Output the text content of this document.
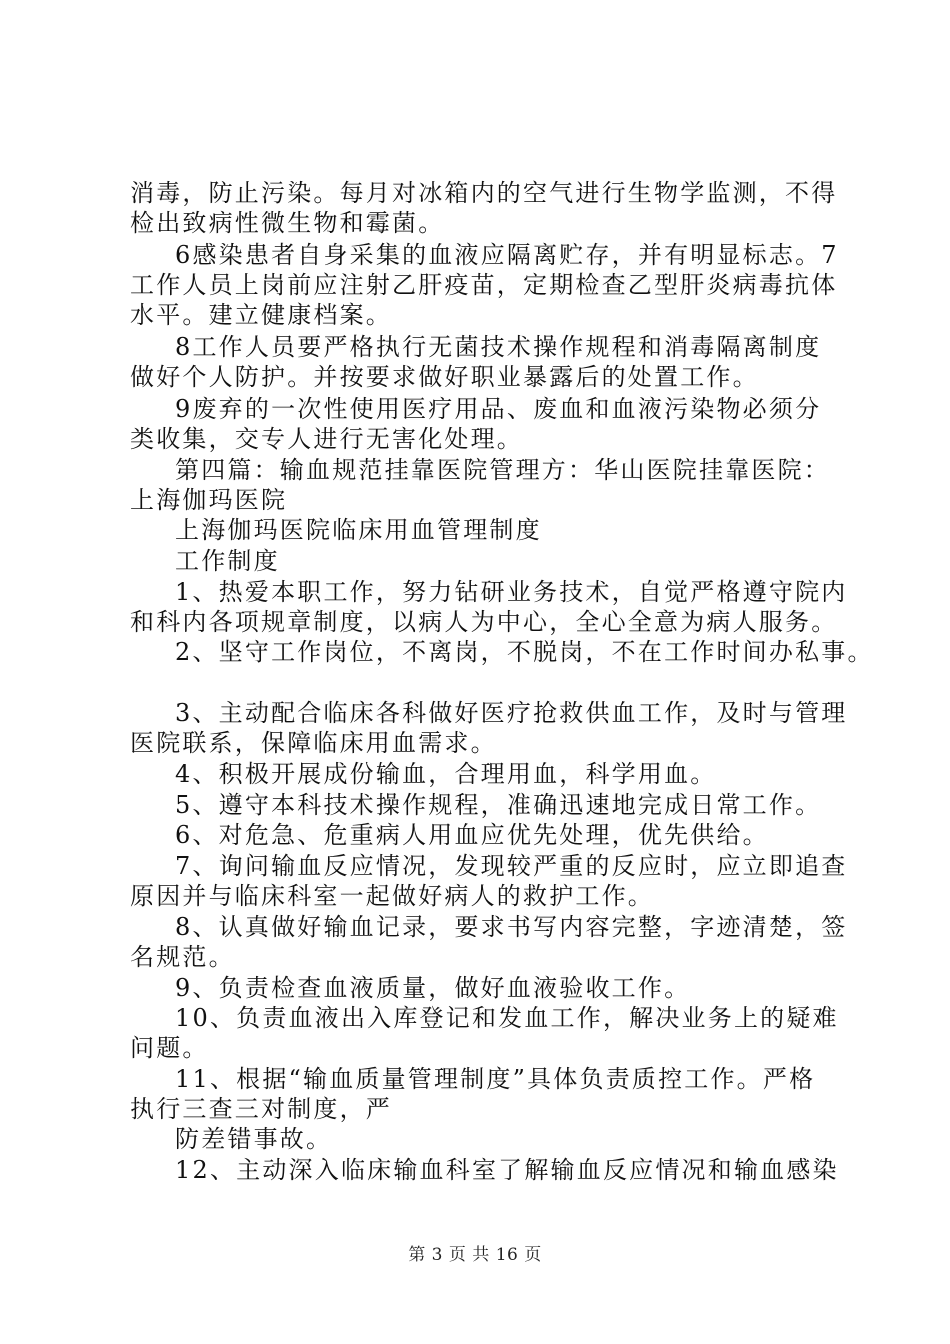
消毒，防止污染。每月对冰箱内的空气进行生物学监测，不得
检出致病性微生物和霉菌。
6感染患者自身采集的血液应隔离贮存，并有明显标志。7
工作人员上岗前应注射乙肝疫苗，定期检查乙型肝炎病毒抗体
水平。建立健康档案。
8工作人员要严格执行无菌技术操作规程和消毒隔离制度
做好个人防护。并按要求做好职业暴露后的处置工作。
9废弃的一次性使用医疗用品、废血和血液污染物必须分
类收集，交专人进行无害化处理。
第四篇：输血规范挂靠医院管理方：华山医院挂靠医院：
上海伽玛医院
上海伽玛医院临床用血管理制度
工作制度
1、热爱本职工作，努力钻研业务技术，自觉严格遵守院内
和科内各项规章制度，以病人为中心，全心全意为病人服务。
2、坚守工作岗位，不离岗，不脱岗，不在工作时间办私事。
3、主动配合临床各科做好医疗抢救供血工作，及时与管理
医院联系，保障临床用血需求。
4、积极开展成份输血，合理用血，科学用血。
5、遵守本科技术操作规程，准确迅速地完成日常工作。
6、对危急、危重病人用血应优先处理，优先供给。
7、询问输血反应情况，发现较严重的反应时，应立即追查
原因并与临床科室一起做好病人的救护工作。
8、认真做好输血记录，要求书写内容完整，字迹清楚，签
名规范。
9、负责检查血液质量，做好血液验收工作。
10、负责血液出入库登记和发血工作，解决业务上的疑难
问题。
11、根据“输血质量管理制度”具体负责质控工作。严格
执行三查三对制度，严
防差错事故。
12、主动深入临床输血科室了解输血反应情况和输血感染
第 3 页 共 16 页
